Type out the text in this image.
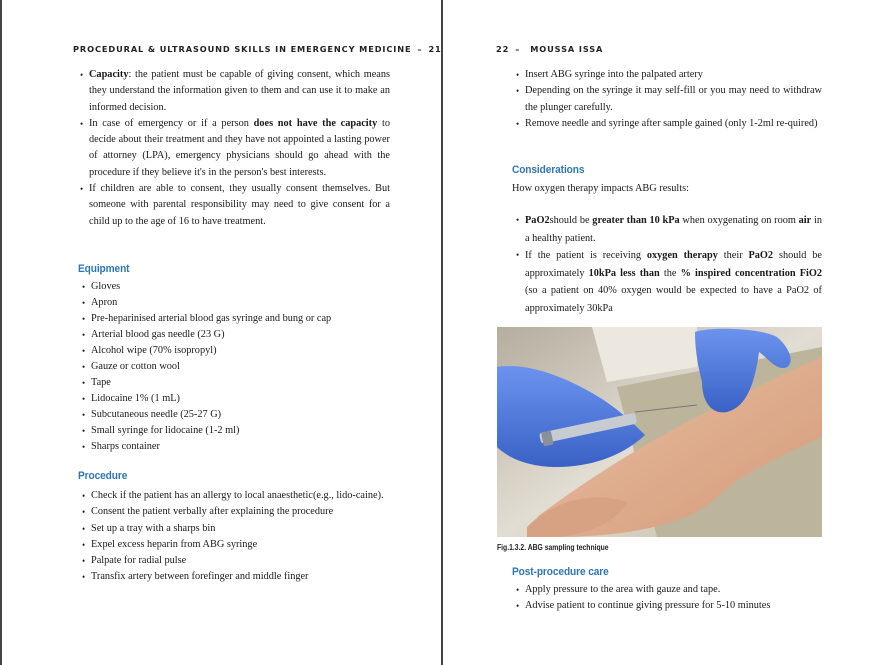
PROCEDURAL & ULTRASOUND SKILLS IN EMERGENCY MEDICINE – 21
• Capacity: the patient must be capable of giving consent, which means they understand the information given to them and can use it to make an informed decision.
• In case of emergency or if a person does not have the capacity to decide about their treatment and they have not appointed a lasting power of attorney (LPA), emergency physicians should go ahead with the procedure if they believe it's in the person's best interests.
• If children are able to consent, they usually consent themselves. But someone with parental responsibility may need to give consent for a child up to the age of 16 to have treatment.
Equipment
• Gloves
• Apron
• Pre-heparinised arterial blood gas syringe and bung or cap
• Arterial blood gas needle (23 G)
• Alcohol wipe (70% isopropyl)
• Gauze or cotton wool
• Tape
• Lidocaine 1% (1 mL)
• Subcutaneous needle (25-27 G)
• Small syringe for lidocaine (1-2 ml)
• Sharps container
Procedure
• Check if the patient has an allergy to local anaesthetic(e.g., lido-caine).
• Consent the patient verbally after explaining the procedure
• Set up a tray with a sharps bin
• Expel excess heparin from ABG syringe
• Palpate for radial pulse
• Transfix artery between forefinger and middle finger
22 – MOUSSA ISSA
• Insert ABG syringe into the palpated artery
• Depending on the syringe it may self-fill or you may need to withdraw the plunger carefully.
• Remove needle and syringe after sample gained (only 1-2ml re-quired)
Considerations
How oxygen therapy impacts ABG results:
• PaO2should be greater than 10 kPa when oxygenating on room air in a healthy patient.
• If the patient is receiving oxygen therapy their PaO2 should be approximately 10kPa less than the % inspired concentration FiO2 (so a patient on 40% oxygen would be expected to have a PaO2 of approximately 30kPa
Fig.1.3.2. ABG sampling technique
Post-procedure care
• Apply pressure to the area with gauze and tape.
• Advise patient to continue giving pressure for 5-10 minutes
